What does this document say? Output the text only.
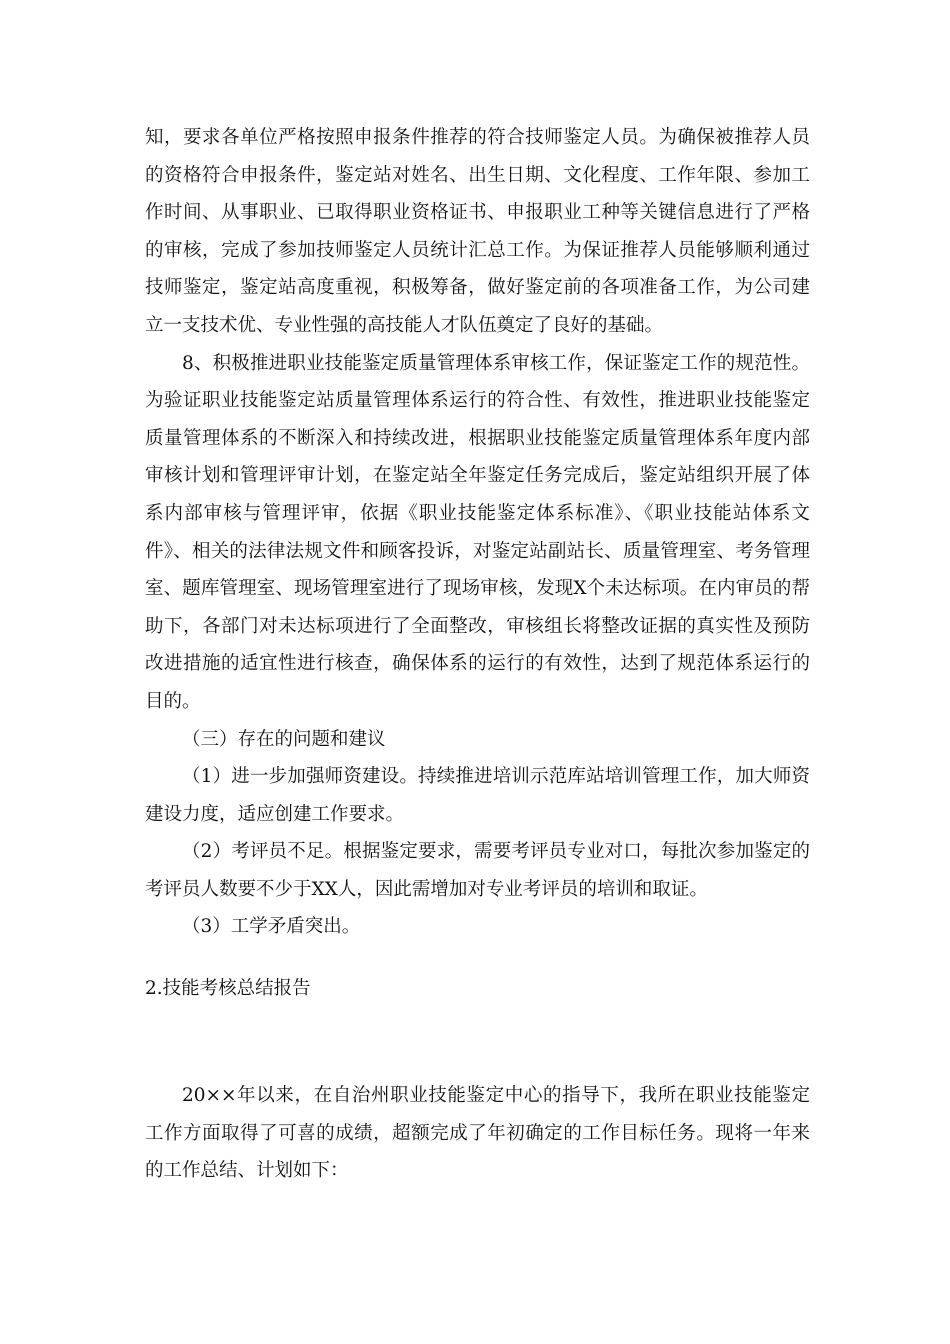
知，要求各单位严格按照申报条件推荐的符合技师鉴定人员。为确保被推荐人员的资格符合申报条件，鉴定站对姓名、出生日期、文化程度、工作年限、参加工作时间、从事职业、已取得职业资格证书、申报职业工种等关键信息进行了严格的审核，完成了参加技师鉴定人员统计汇总工作。为保证推荐人员能够顺利通过技师鉴定，鉴定站高度重视，积极筹备，做好鉴定前的各项准备工作，为公司建立一支技术优、专业性强的高技能人才队伍奠定了良好的基础。

8、积极推进职业技能鉴定质量管理体系审核工作，保证鉴定工作的规范性。为验证职业技能鉴定站质量管理体系运行的符合性、有效性，推进职业技能鉴定质量管理体系的不断深入和持续改进，根据职业技能鉴定质量管理体系年度内部审核计划和管理评审计划，在鉴定站全年鉴定任务完成后，鉴定站组织开展了体系内部审核与管理评审，依据《职业技能鉴定体系标准》、《职业技能站体系文件》、相关的法律法规文件和顾客投诉，对鉴定站副站长、质量管理室、考务管理室、题库管理室、现场管理室进行了现场审核，发现X个未达标项。在内审员的帮助下，各部门对未达标项进行了全面整改，审核组长将整改证据的真实性及预防改进措施的适宜性进行核查，确保体系的运行的有效性，达到了规范体系运行的目的。

（三）存在的问题和建议

（1）进一步加强师资建设。持续推进培训示范库站培训管理工作，加大师资建设力度，适应创建工作要求。

（2）考评员不足。根据鉴定要求，需要考评员专业对口，每批次参加鉴定的考评员人数要不少于XX人，因此需增加对专业考评员的培训和取证。

（3）工学矛盾突出。

2.技能考核总结报告

20××年以来，在自治州职业技能鉴定中心的指导下，我所在职业技能鉴定工作方面取得了可喜的成绩，超额完成了年初确定的工作目标任务。现将一年来的工作总结、计划如下：
